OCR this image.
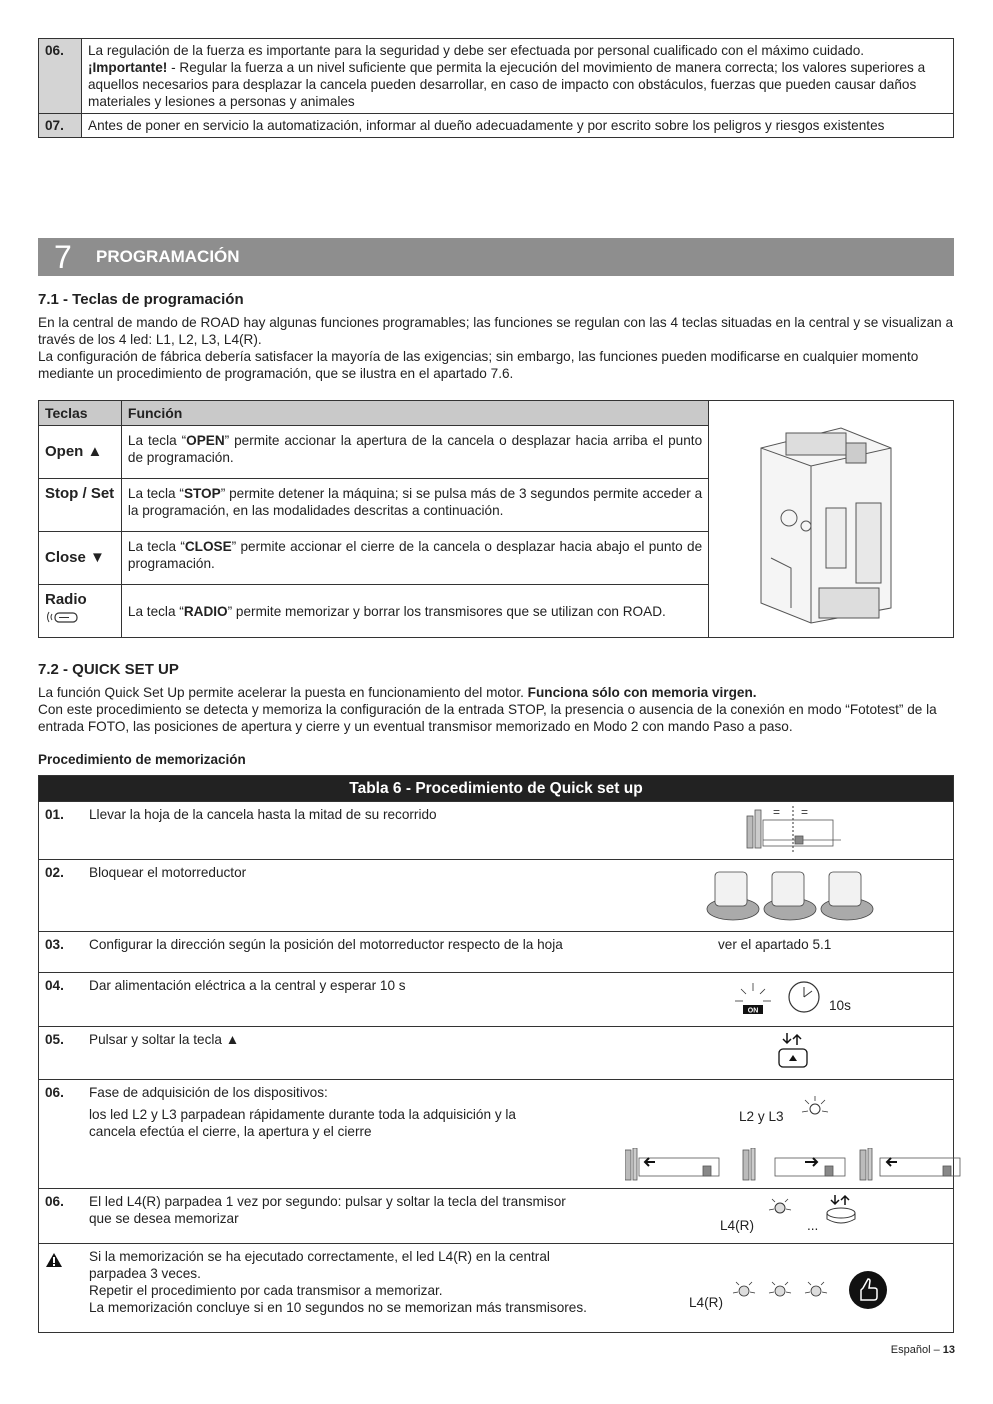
06.	La regulación de la fuerza es importante para la seguridad y debe ser efectuada por personal cualificado con el máximo cuidado. ¡Importante! - Regular la fuerza a un nivel suficiente que permita la ejecución del movimiento de manera correcta; los valores superiores a aquellos necesarios para desplazar la cancela pueden desarrollar, en caso de impacto con obstáculos, fuerzas que pueden causar daños materiales y lesiones a personas y animales
07.	Antes de poner en servicio la automatización, informar al dueño adecuadamente y por escrito sobre los peligros y riesgos existentes
7 PROGRAMACIÓN
7.1 - Teclas de programación

En la central de mando de ROAD hay algunas funciones programables; las funciones se regulan con las 4 teclas situadas en la central y se visualizan a través de los 4 led: L1, L2, L3, L4(R).

La configuración de fábrica debería satisfacer la mayoría de las exigencias; sin embargo, las funciones pueden modificarse en cualquier momento mediante un procedimiento de programación, que se ilustra en el apartado 7.6.

Teclas	Función	
Open ▲	La tecla “OPEN” permite accionar la apertura de la cancela o desplazar hacia arriba el punto de programación.	
Stop / Set	La tecla “STOP” permite detener la máquina; si se pulsa más de 3 segundos permite acceder a la programación, en las modalidades descritas a continuación.	
Close ▼	La tecla “CLOSE” permite accionar el cierre de la cancela o desplazar hacia abajo el punto de programación.	

Radio	La tecla “RADIO” permite memorizar y borrar los transmisores que se utilizan con ROAD.	
7.2 - QUICK SET UP

La función Quick Set Up permite acelerar la puesta en funcionamiento del motor. Funciona sólo con memoria virgen.

Con este procedimiento se detecta y memoriza la configuración de la entrada STOP, la presencia o ausencia de la conexión en modo “Fototest” de la entrada FOTO, las posiciones de apertura y cierre y un eventual transmisor memorizado en Modo 2 con mando Paso a paso.

Procedimiento de memorización

Tabla 6 - Procedimiento de Quick set up		
01.	Llevar la hoja de la cancela hasta la mitad de su recorrido	= =

02.	Bloquear el motorreductor	

03.	Configurar la dirección según la posición del motorreductor respecto de la hoja	ver el apartado 5.1

04.	Dar alimentación eléctrica a la central y esperar 10 s	ON 10s

05.	Pulsar y soltar la tecla ▲	

06.	Fase de adquisición de los dispositivos:
los led L2 y L3 parpadean rápidamente durante toda la adquisición y la cancela efectúa el cierre, la apertura y el cierre	L2 y L3

06.	El led L4(R) parpadea 1 vez por segundo: pulsar y soltar la tecla del transmisor que se desea memorizar	L4(R) ...

Si la memorización se ha ejecutado correctamente, el led L4(R) en la central parpadea 3 veces.
Repetir el procedimiento por cada transmisor a memorizar.
La memorización concluye si en 10 segundos no se memorizan más transmisores.	L4(R)
Español – 13
